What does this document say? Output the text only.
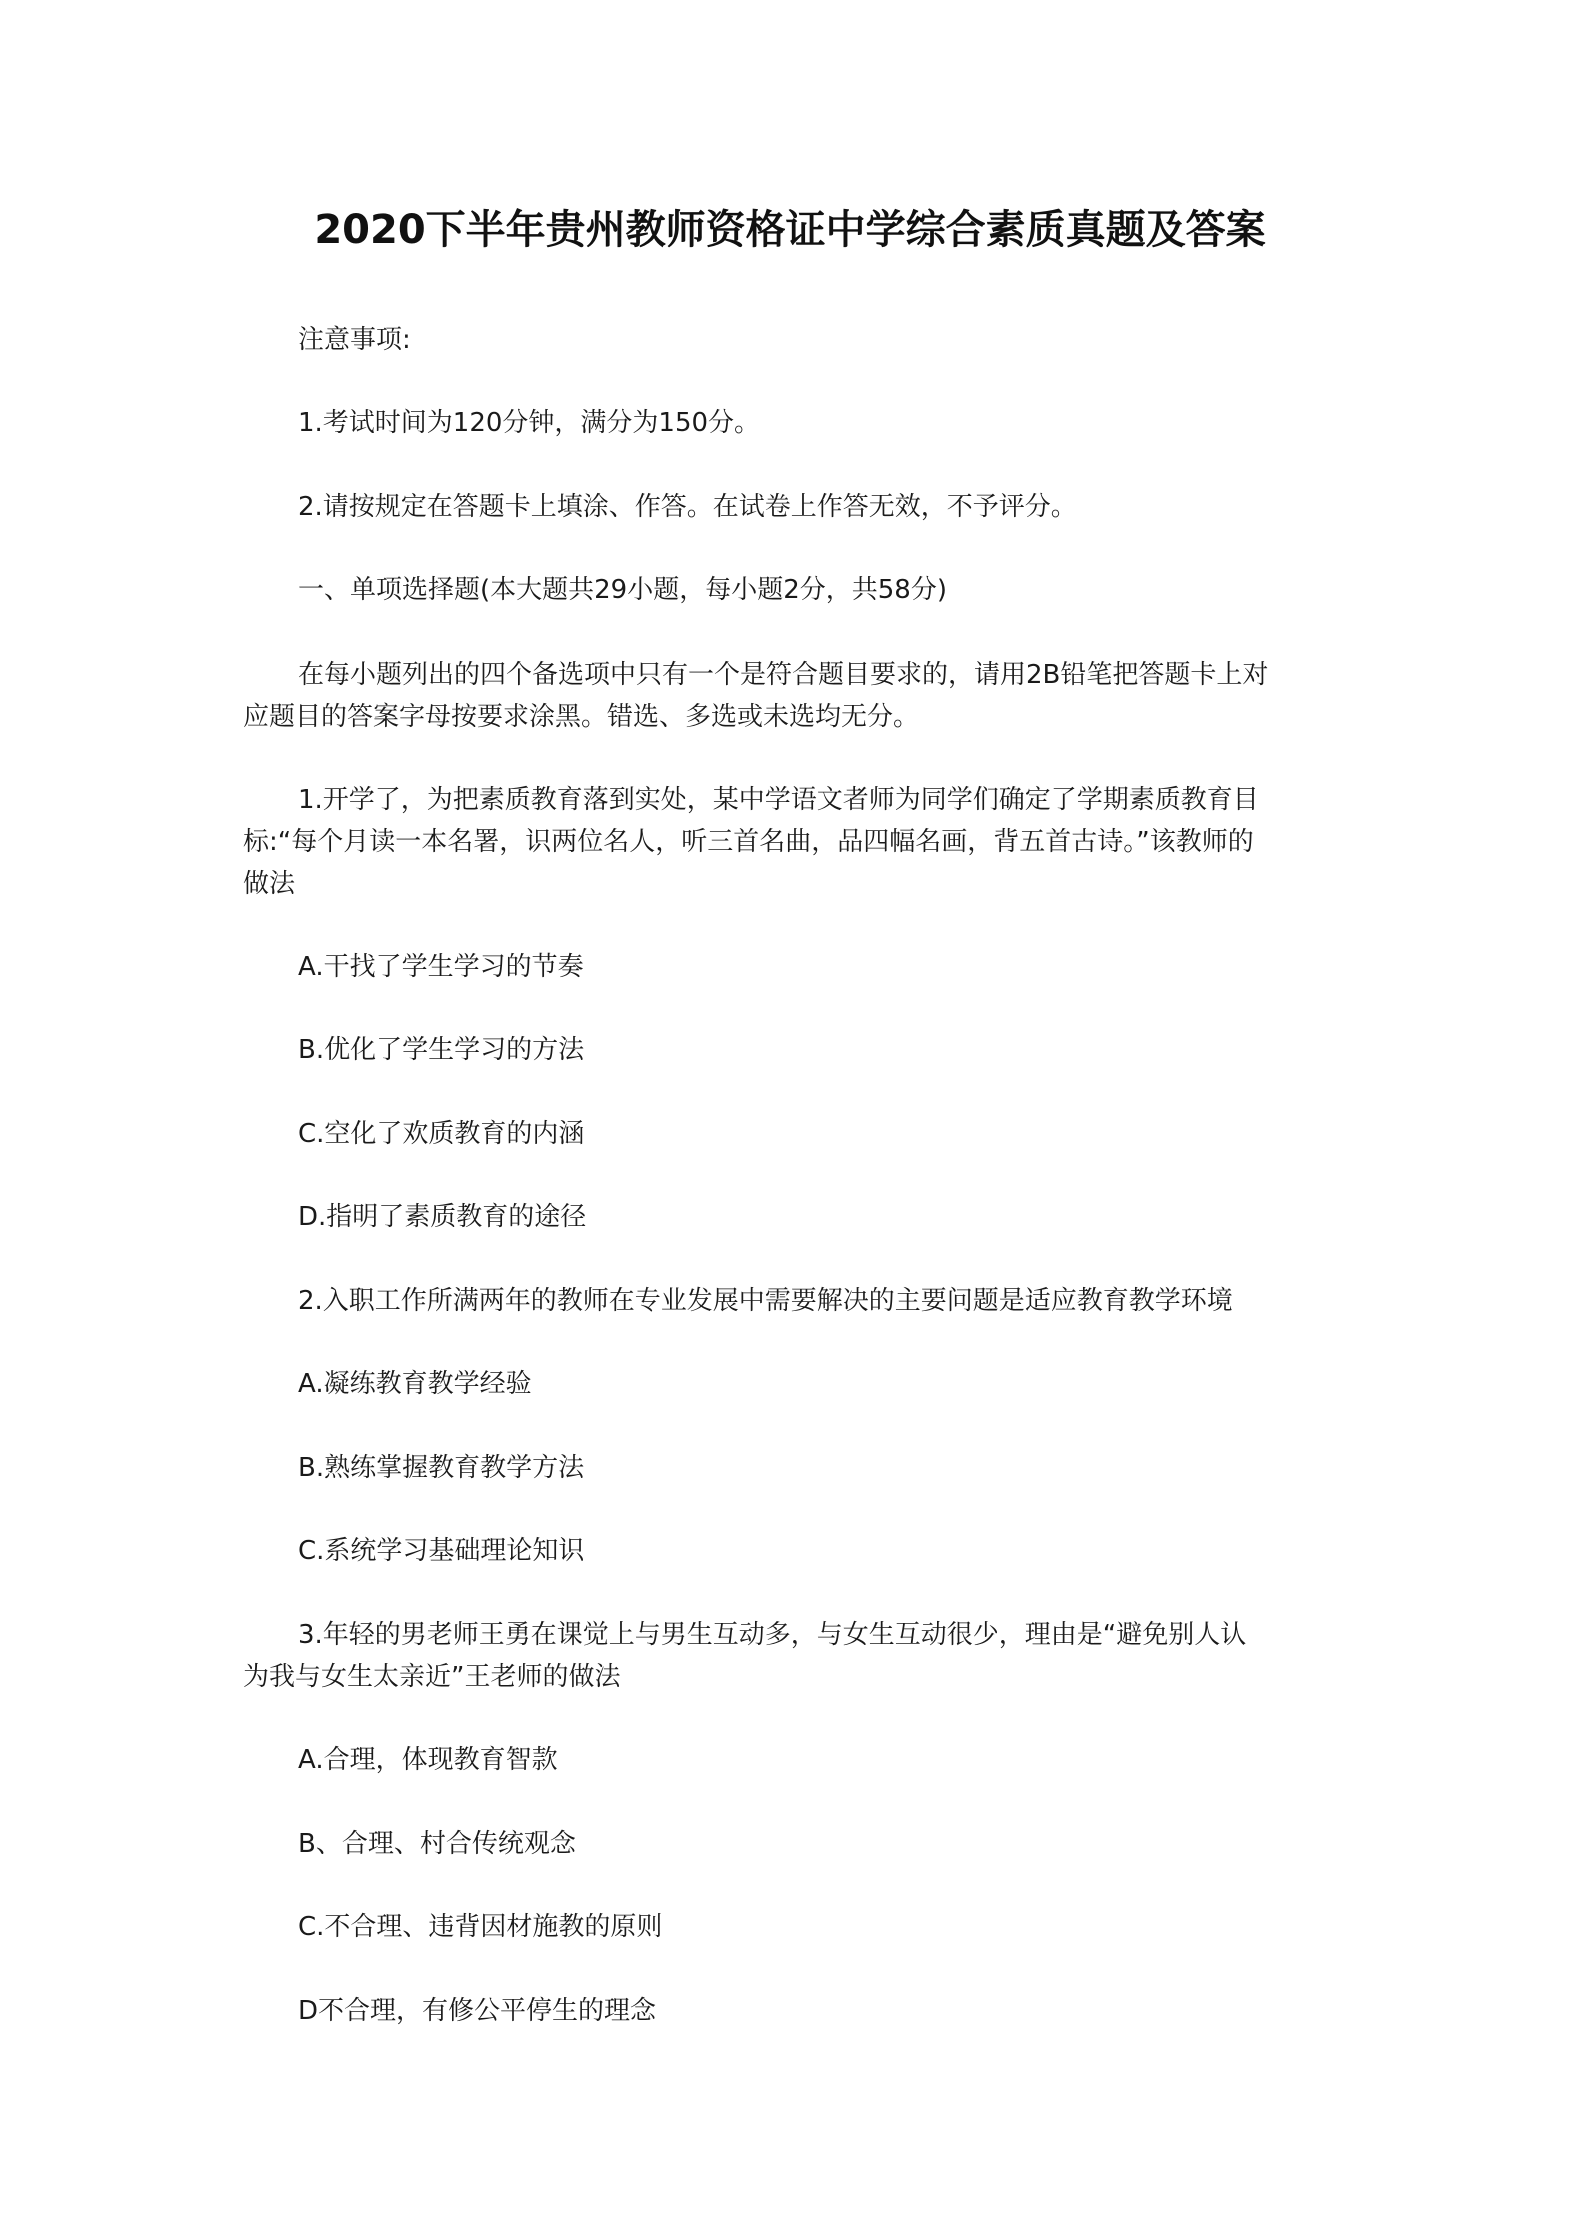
2020下半年贵州教师资格证中学综合素质真题及答案
注意事项:
1.考试时间为120分钟，满分为150分。
2.请按规定在答题卡上填涂、作答。在试卷上作答无效，不予评分。
一、单项选择题(本大题共29小题，每小题2分，共58分)
在每小题列出的四个备选项中只有一个是符合题目要求的，请用2B铅笔把答题卡上对
应题目的答案字母按要求涂黑。错选、多选或未选均无分。
1.开学了，为把素质教育落到实处，某中学语文者师为同学们确定了学期素质教育目
标:“每个月读一本名署，识两位名人，听三首名曲，品四幅名画，背五首古诗。”该教师的
做法
A.干找了学生学习的节奏
B.优化了学生学习的方法
C.空化了欢质教育的内涵
D.指明了素质教育的途径
2.入职工作所满两年的教师在专业发展中需要解决的主要问题是适应教育教学环境
A.凝练教育教学经验
B.熟练掌握教育教学方法
C.系统学习基础理论知识
3.年轻的男老师王勇在课觉上与男生互动多，与女生互动很少，理由是“避免别人认
为我与女生太亲近”王老师的做法
A.合理，体现教育智款
B、合理、村合传统观念
C.不合理、违背因材施教的原则
D不合理，有修公平停生的理念
